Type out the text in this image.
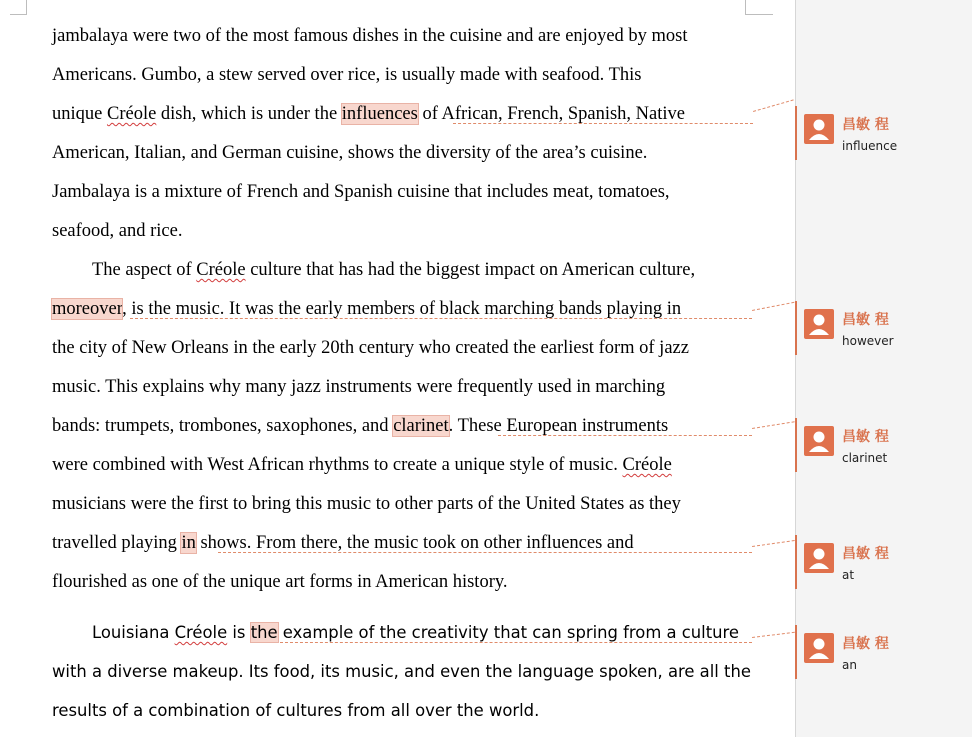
jambalaya were two of the most famous dishes in the cuisine and are enjoyed by most
Americans. Gumbo, a stew served over rice, is usually made with seafood. This
unique Créole dish, which is under the influences of African, French, Spanish, Native
American, Italian, and German cuisine, shows the diversity of the area’s cuisine.
Jambalaya is a mixture of French and Spanish cuisine that includes meat, tomatoes,
seafood, and rice.
The aspect of Créole culture that has had the biggest impact on American culture,
moreover, is the music. It was the early members of black marching bands playing in
the city of New Orleans in the early 20th century who created the earliest form of jazz
music. This explains why many jazz instruments were frequently used in marching
bands: trumpets, trombones, saxophones, and clarinet. These European instruments
were combined with West African rhythms to create a unique style of music. Créole
musicians were the first to bring this music to other parts of the United States as they
travelled playing in shows. From there, the music took on other influences and
flourished as one of the unique art forms in American history.
Louisiana Créole is the example of the creativity that can spring from a culture
with a diverse makeup. Its food, its music, and even the language spoken, are all the
results of a combination of cultures from all over the world.
昌敏 程
influence
昌敏 程
however
昌敏 程
clarinet
昌敏 程
at
昌敏 程
an
